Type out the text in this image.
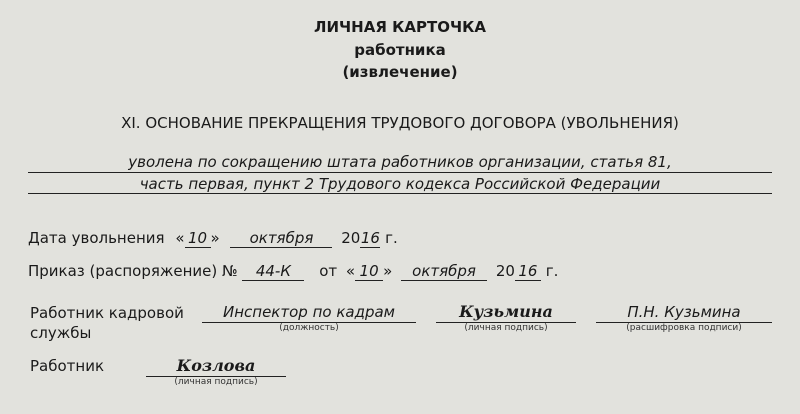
ЛИЧНАЯ КАРТОЧКА
работника
(извлечение)
XI. ОСНОВАНИЕ ПРЕКРАЩЕНИЯ ТРУДОВОГО ДОГОВОРА (УВОЛЬНЕНИЯ)
уволена по сокращению штата работников организации, статья 81,
часть первая, пункт 2 Трудового кодекса Российской Федерации
Дата увольнения « 10 » октября 2016 г.
Приказ (распоряжение) № 44-К от « 10 » октября 20 16 г.
Работник кадровой
службы
Инспектор по кадрам
(должность)
Кузьмина
(личная подпись)
П.Н. Кузьмина
(расшифровка подписи)
Работник	Козлова
(личная подпись)
